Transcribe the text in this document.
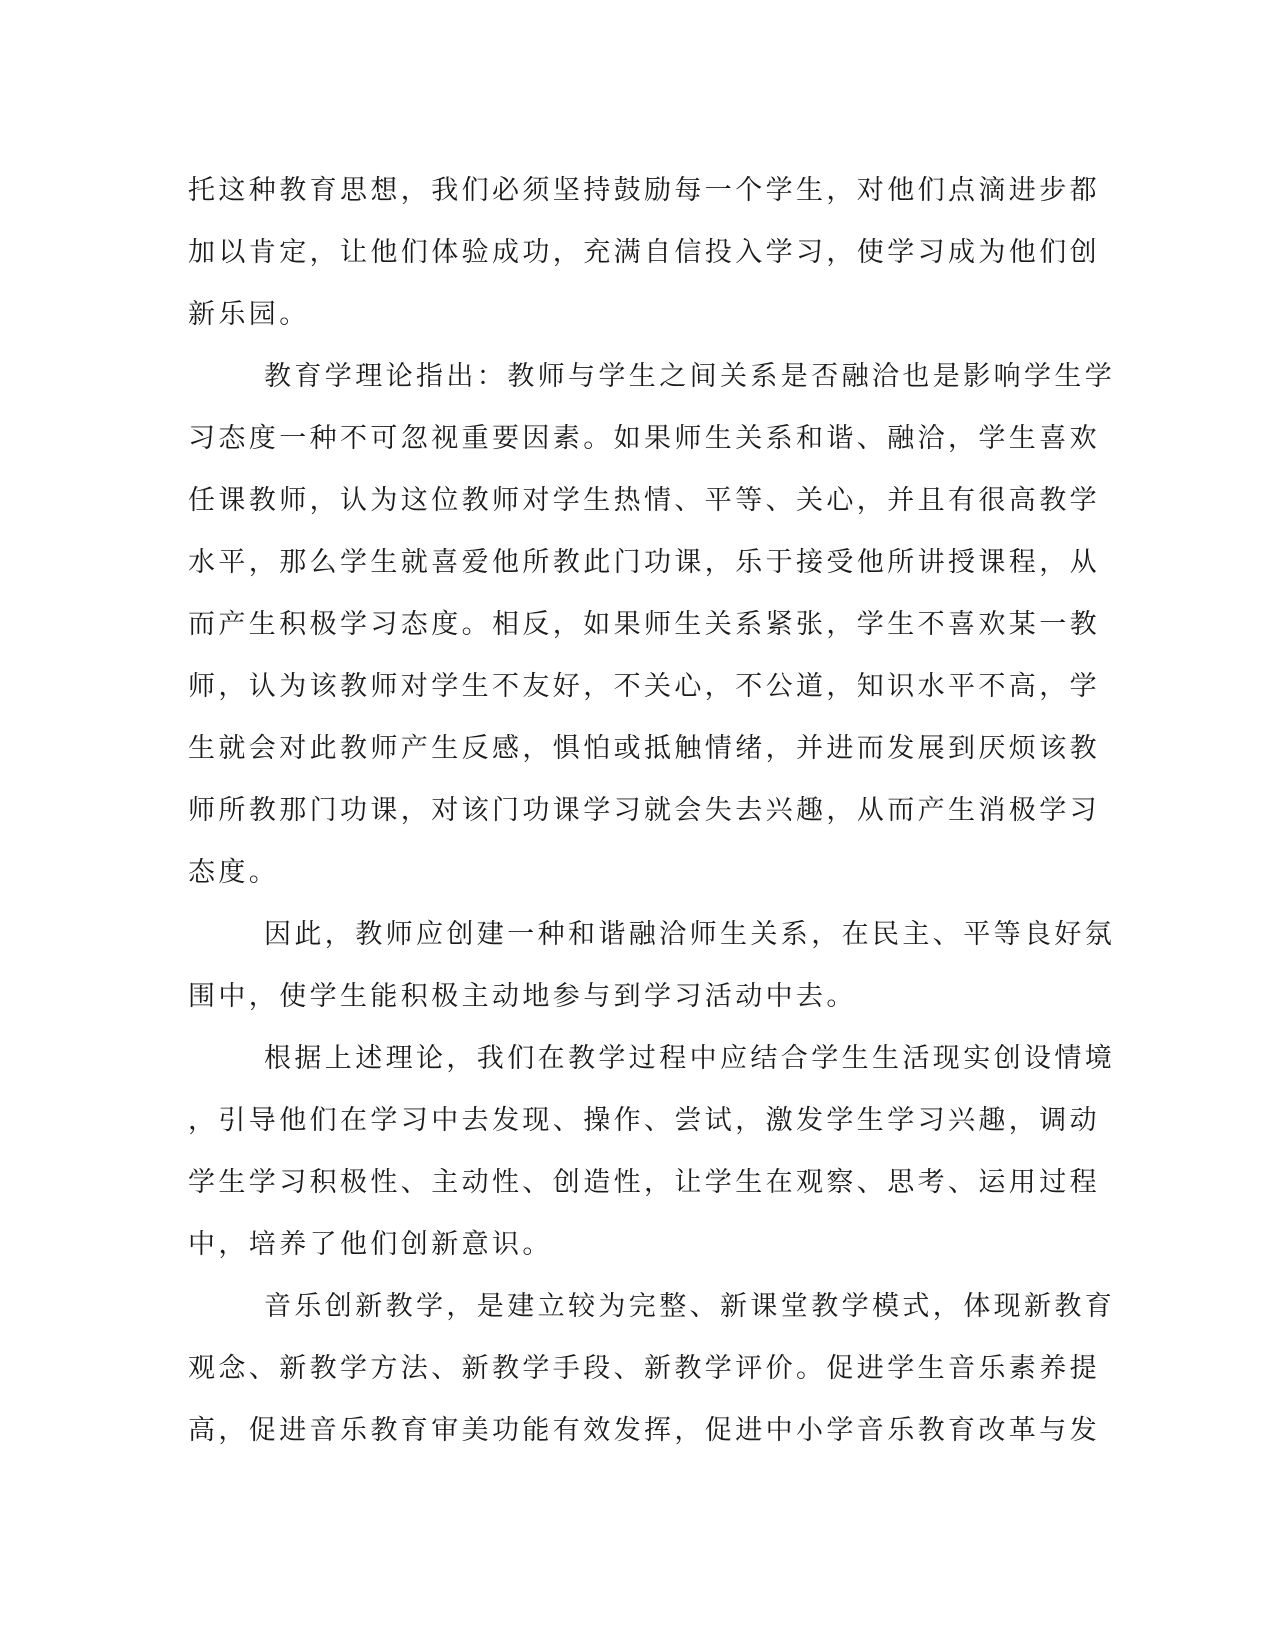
托这种教育思想，我们必须坚持鼓励每一个学生，对他们点滴进步都
加以肯定，让他们体验成功，充满自信投入学习，使学习成为他们创
新乐园。
教育学理论指出：教师与学生之间关系是否融洽也是影响学生学
习态度一种不可忽视重要因素。如果师生关系和谐、融洽，学生喜欢
任课教师，认为这位教师对学生热情、平等、关心，并且有很高教学
水平，那么学生就喜爱他所教此门功课，乐于接受他所讲授课程，从
而产生积极学习态度。相反，如果师生关系紧张，学生不喜欢某一教
师，认为该教师对学生不友好，不关心，不公道，知识水平不高，学
生就会对此教师产生反感，惧怕或抵触情绪，并进而发展到厌烦该教
师所教那门功课，对该门功课学习就会失去兴趣，从而产生消极学习
态度。
因此，教师应创建一种和谐融洽师生关系，在民主、平等良好氛
围中，使学生能积极主动地参与到学习活动中去。
根据上述理论，我们在教学过程中应结合学生生活现实创设情境
，引导他们在学习中去发现、操作、尝试，激发学生学习兴趣，调动
学生学习积极性、主动性、创造性，让学生在观察、思考、运用过程
中，培养了他们创新意识。
音乐创新教学，是建立较为完整、新课堂教学模式，体现新教育
观念、新教学方法、新教学手段、新教学评价。促进学生音乐素养提
高，促进音乐教育审美功能有效发挥，促进中小学音乐教育改革与发
